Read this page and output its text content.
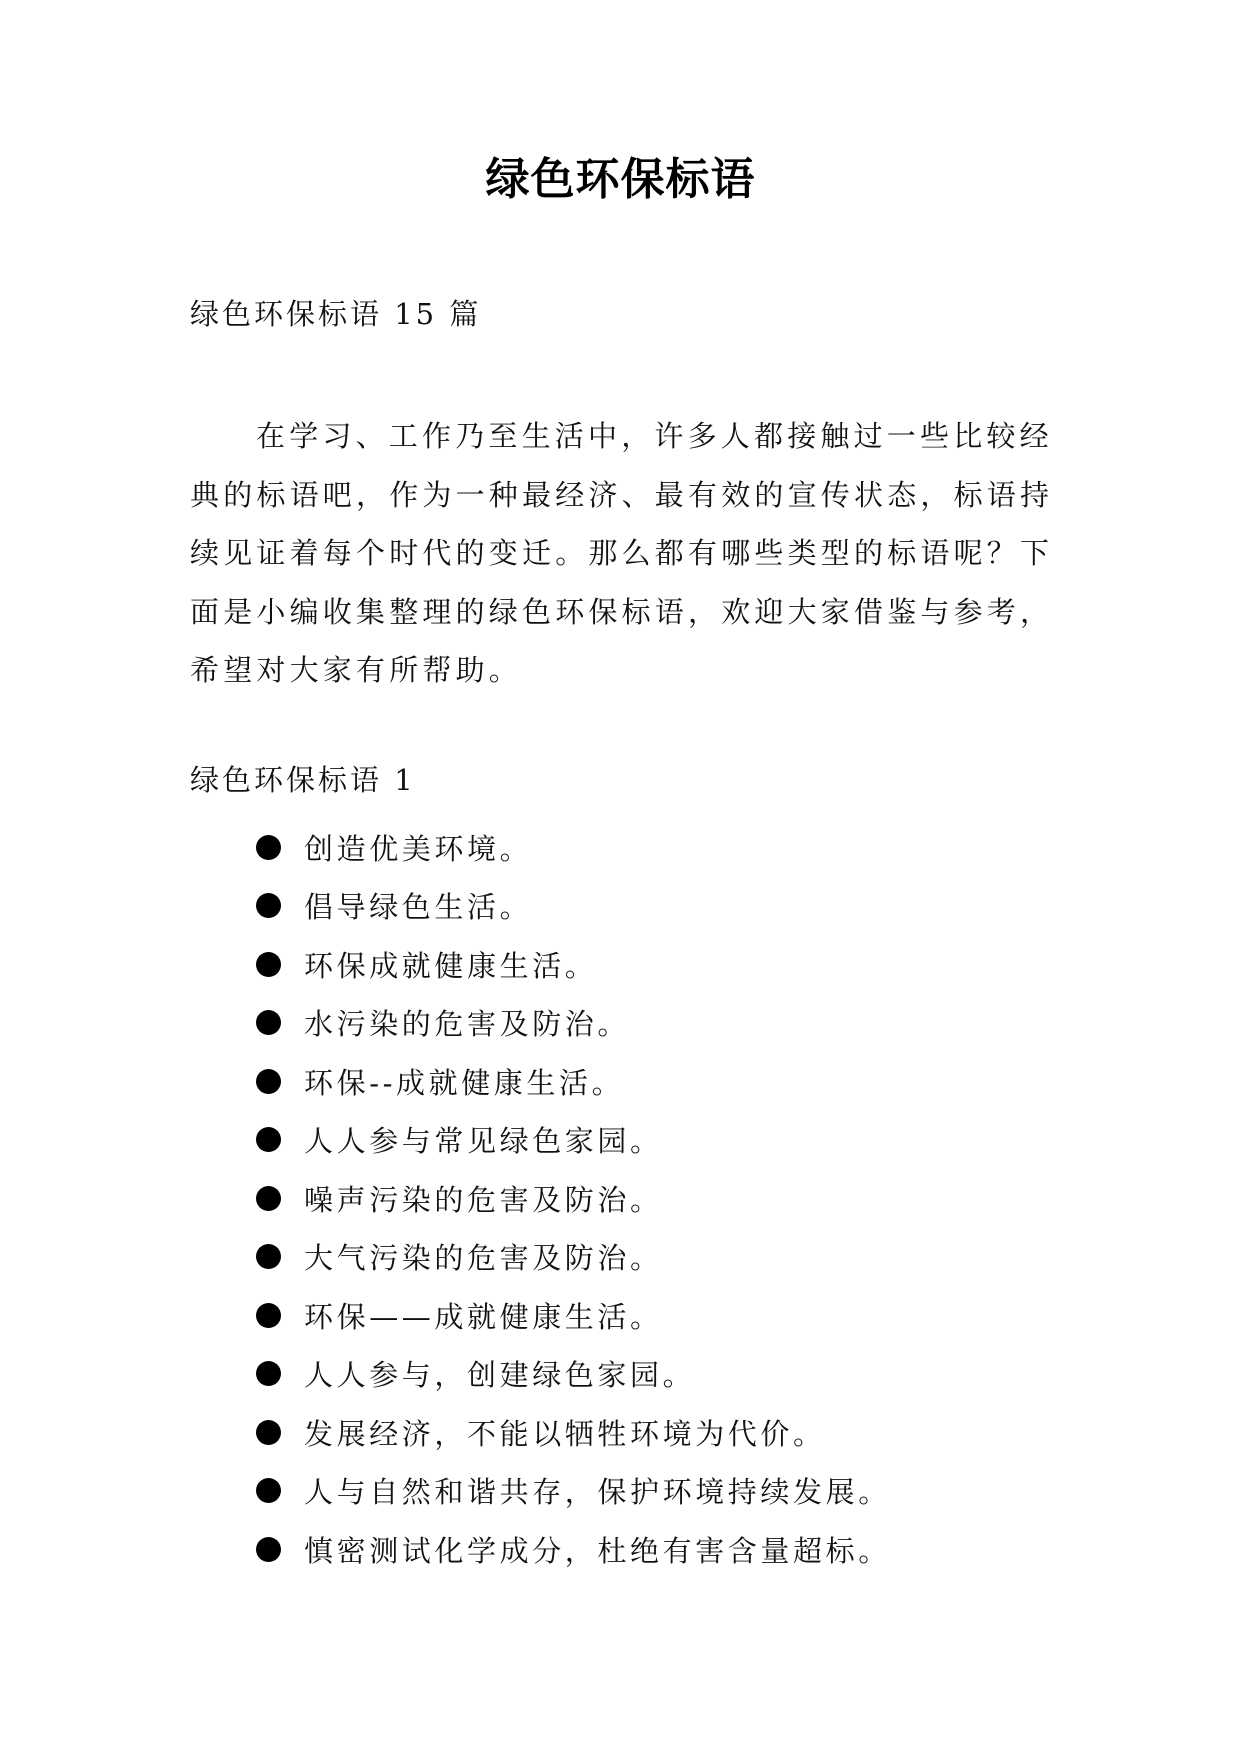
绿色环保标语
绿色环保标语 15 篇

在学习、工作乃至生活中，许多人都接触过一些比较经典的标语吧，作为一种最经济、最有效的宣传状态，标语持续见证着每个时代的变迁。那么都有哪些类型的标语呢？下面是小编收集整理的绿色环保标语，欢迎大家借鉴与参考，希望对大家有所帮助。

绿色环保标语 1
创造优美环境。
倡导绿色生活。
环保成就健康生活。
水污染的危害及防治。
环保--成就健康生活。
人人参与常见绿色家园。
噪声污染的危害及防治。
大气污染的危害及防治。
环保——成就健康生活。
人人参与，创建绿色家园。
发展经济，不能以牺牲环境为代价。
人与自然和谐共存，保护环境持续发展。
慎密测试化学成分，杜绝有害含量超标。
